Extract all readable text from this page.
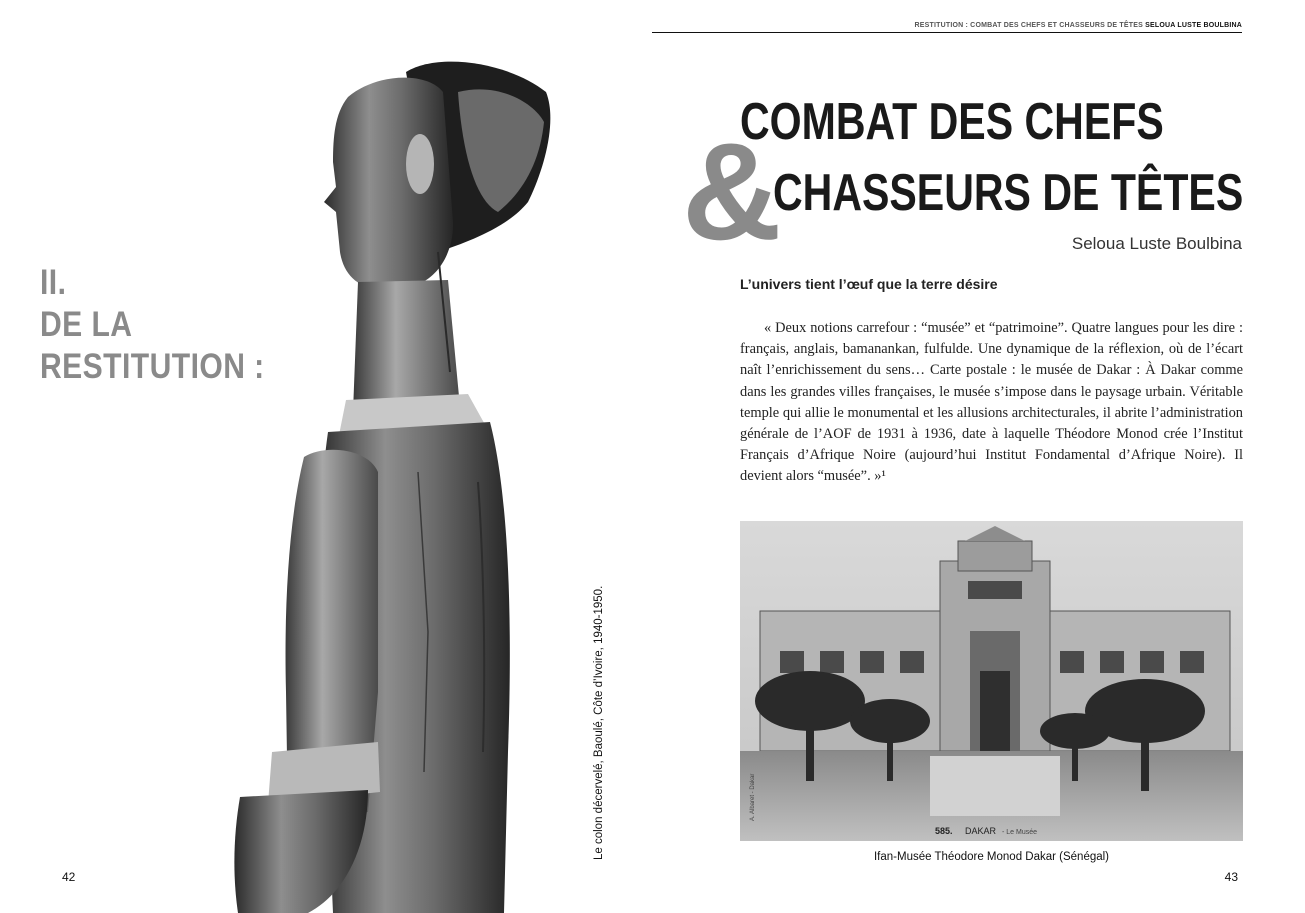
II.
DE LA
RESTITUTION :
Le colon décervelé, Baoulé, Côte d’Ivoire, 1940-1950.
42
RESTITUTION : COMBAT DES CHEFS ET CHASSEURS DE TÊTES SELOUA LUSTE BOULBINA
&
COMBAT DES CHEFS
CHASSEURS DE TÊTES
Seloua Luste Boulbina
L’univers tient l’œuf que la terre désire

« Deux notions carrefour : “musée” et “patrimoine”. Quatre langues pour les dire : français, anglais, bamanankan, fulfulde. Une dynamique de la réflexion, où de l’écart naît l’enrichissement du sens… Carte postale : le musée de Dakar : À Dakar comme dans les grandes villes françaises, le musée s’impose dans le paysage urbain. Véritable temple qui allie le monumental et les allusions architecturales, il abrite l’administration générale de l’AOF de 1931 à 1936, date à laquelle Théodore Monod crée l’Institut Français d’Afrique Noire (aujourd’hui Institut Fondamental d’Afrique Noire). Il devient alors “musée”. »¹

585. DAKAR - Le Musée
A. Albaret - Dakar
Ifan-Musée Théodore Monod Dakar (Sénégal)
43
